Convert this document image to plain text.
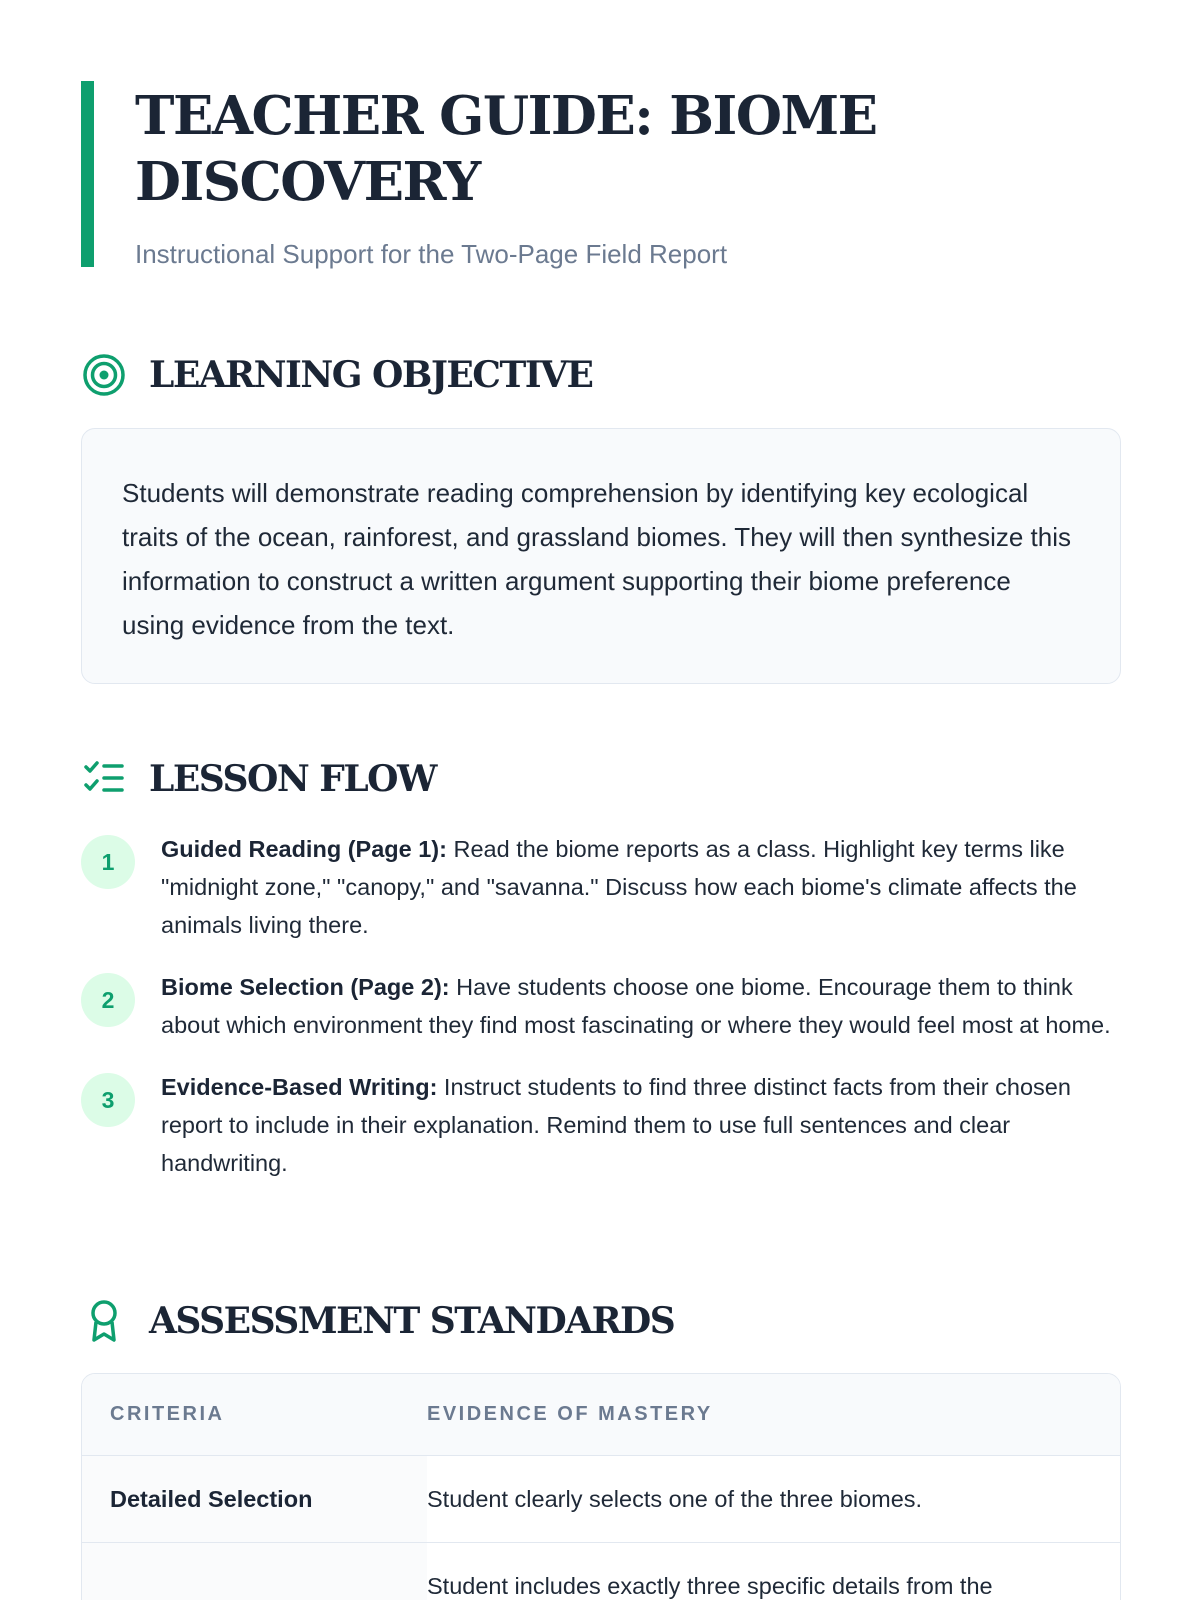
TEACHER GUIDE: BIOME
DISCOVERY
Instructional Support for the Two-Page Field Report
LEARNING OBJECTIVE

Students will demonstrate reading comprehension by identifying key ecological traits of the ocean, rainforest, and grassland biomes. They will then synthesize this information to construct a written argument supporting their biome preference using evidence from the text.

LESSON FLOW
1	Guided Reading (Page 1): Read the biome reports as a class. Highlight key terms like "midnight zone," "canopy," and "savanna." Discuss how each biome's climate affects the animals living there.
2	Biome Selection (Page 2): Have students choose one biome. Encourage them to think about which environment they find most fascinating or where they would feel most at home.
3	Evidence-Based Writing: Instruct students to find three distinct facts from their chosen report to include in their explanation. Remind them to use full sentences and clear handwriting.
ASSESSMENT STANDARDS
CRITERIA	EVIDENCE OF MASTERY
Detailed Selection	Student clearly selects one of the three biomes.
Student includes exactly three specific details from the
